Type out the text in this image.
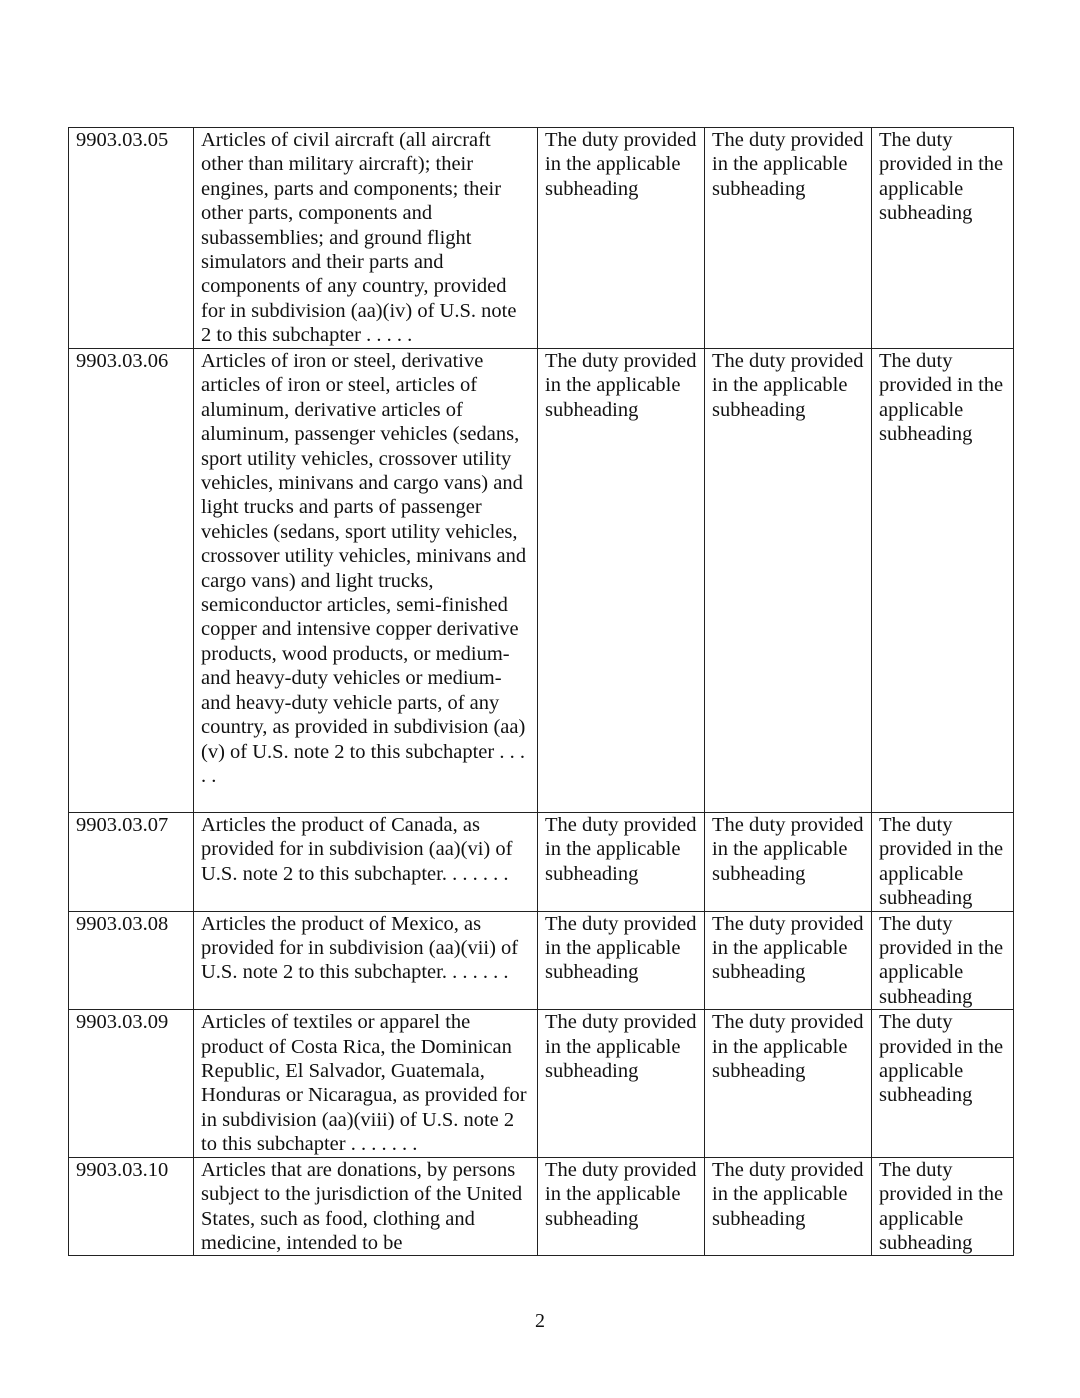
9903.03.05	Articles of civil aircraft (all aircraft other than military aircraft); their engines, parts and components; their other parts, components and subassemblies; and ground flight simulators and their parts and components of any country, provided for in subdivision (aa)(iv) of U.S. note 2 to this subchapter . . . . .	The duty provided in the applicable subheading	The duty provided in the applicable subheading	The duty provided in the applicable subheading
9903.03.06	Articles of iron or steel, derivative articles of iron or steel, articles of aluminum, derivative articles of aluminum, passenger vehicles (sedans, sport utility vehicles, crossover utility vehicles, minivans and cargo vans) and light trucks and parts of passenger vehicles (sedans, sport utility vehicles, crossover utility vehicles, minivans and cargo vans) and light trucks, semiconductor articles, semi-finished copper and intensive copper derivative products, wood products, or medium- and heavy-duty vehicles or medium- and heavy-duty vehicle parts, of any country, as provided in subdivision (aa)(v) of U.S. note 2 to this subchapter . . . . .	The duty provided in the applicable subheading	The duty provided in the applicable subheading	The duty provided in the applicable subheading
9903.03.07	Articles the product of Canada, as provided for in subdivision (aa)(vi) of U.S. note 2 to this subchapter. . . . . . .	The duty provided in the applicable subheading	The duty provided in the applicable subheading	The duty provided in the applicable subheading
9903.03.08	Articles the product of Mexico, as provided for in subdivision (aa)(vii) of U.S. note 2 to this subchapter. . . . . . .	The duty provided in the applicable subheading	The duty provided in the applicable subheading	The duty provided in the applicable subheading
9903.03.09	Articles of textiles or apparel the product of Costa Rica, the Dominican Republic, El Salvador, Guatemala, Honduras or Nicaragua, as provided for in subdivision (aa)(viii) of U.S. note 2 to this subchapter . . . . . . .	The duty provided in the applicable subheading	The duty provided in the applicable subheading	The duty provided in the applicable subheading
9903.03.10	Articles that are donations, by persons subject to the jurisdiction of the United States, such as food, clothing and medicine, intended to be	The duty provided in the applicable subheading	The duty provided in the applicable subheading	The duty provided in the applicable subheading
2
